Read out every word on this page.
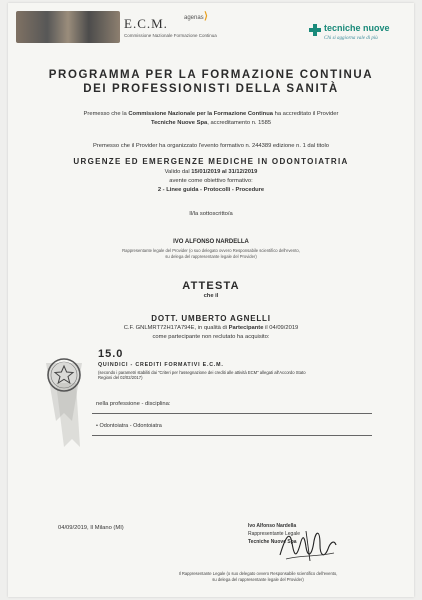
E.C.M.
Commissione Nazionale Formazione Continua
agenas ⟩
tecniche nuove
Chi si aggiorna vale di più
PROGRAMMA PER LA FORMAZIONE CONTINUA
DEI PROFESSIONISTI DELLA SANITÀ
Premesso che la Commissione Nazionale per la Formazione Continua ha accreditato il Provider
Tecniche Nuove Spa, accreditamento n. 1585
Premesso che il Provider ha organizzato l'evento formativo n. 244389 edizione n. 1 dal titolo
URGENZE ED EMERGENZE MEDICHE IN ODONTOIATRIA
Valido dal 15/01/2019 al 31/12/2019
avente come obiettivo formativo:
2 - Linee guida - Protocolli - Procedure
Il/la sottoscritto/a
IVO ALFONSO NARDELLA
Rappresentante legale del Provider (o suo delegato ovvero Responsabile scientifico dell'evento,
su delega del rappresentante legale del Provider)
ATTESTA
che il
DOTT. UMBERTO AGNELLI
C.F. GNLMRT72H17A794E, in qualità di Partecipante il 04/09/2019
come partecipante non reclutato ha acquisito:
15.0
QUINDICI - CREDITI FORMATIVI E.C.M.
(secondo i parametri stabiliti dai "Criteri per l'assegnazione dei crediti alle attività ECM" allegati all'Accordo Stato
Regioni del 02/02/2017)
nella professione - disciplina:
• Odontoiatra - Odontoiatra
04/09/2019, Il Milano (MI)	Ivo Alfonso Nardella
Rappresentante Legale
Tecniche Nuove Spa
Il Rappresentante Legale (o suo delegato ovvero Responsabile scientifico dell'evento,
su delega del rappresentante legale del Provider)
